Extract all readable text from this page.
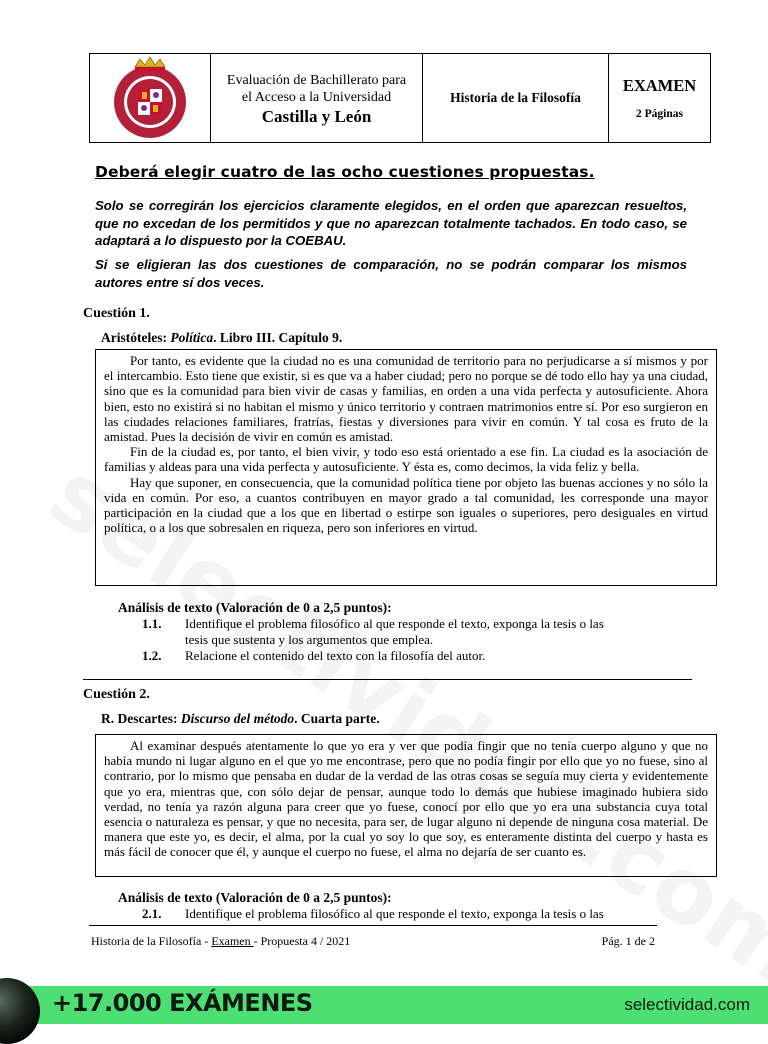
Evaluación de Bachillerato para
el Acceso a la Universidad
Castilla y León
Historia de la Filosofía
EXAMEN
2 Páginas
Deberá elegir cuatro de las ocho cuestiones propuestas.
Solo se corregirán los ejercicios claramente elegidos, en el orden que aparezcan resueltos, que no excedan de los permitidos y que no aparezcan totalmente tachados. En todo caso, se adaptará a lo dispuesto por la COEBAU.
Si se eligieran las dos cuestiones de comparación, no se podrán comparar los mismos autores entre sí dos veces.
Cuestión 1.
Aristóteles: Política. Libro III. Capítulo 9.

Por tanto, es evidente que la ciudad no es una comunidad de territorio para no perjudicarse a sí mismos y por el intercambio. Esto tiene que existir, si es que va a haber ciudad; pero no porque se dé todo ello hay ya una ciudad, sino que es la comunidad para bien vivir de casas y familias, en orden a una vida perfecta y autosuficiente. Ahora bien, esto no existirá si no habitan el mismo y único territorio y contraen matrimonios entre sí. Por eso surgieron en las ciudades relaciones familiares, fratrías, fiestas y diversiones para vivir en común. Y tal cosa es fruto de la amistad. Pues la decisión de vivir en común es amistad.

Fin de la ciudad es, por tanto, el bien vivir, y todo eso está orientado a ese fin. La ciudad es la asociación de familias y aldeas para una vida perfecta y autosuficiente. Y ésta es, como decimos, la vida feliz y bella.

Hay que suponer, en consecuencia, que la comunidad política tiene por objeto las buenas acciones y no sólo la vida en común. Por eso, a cuantos contribuyen en mayor grado a tal comunidad, les corresponde una mayor participación en la ciudad que a los que en libertad o estirpe son iguales o superiores, pero desiguales en virtud política, o a los que sobresalen en riqueza, pero son inferiores en virtud.

Análisis de texto (Valoración de 0 a 2,5 puntos):
1.1. Identifique el problema filosófico al que responde el texto, exponga la tesis o las
tesis que sustenta y los argumentos que emplea.
1.2. Relacione el contenido del texto con la filosofía del autor.
Cuestión 2.
R. Descartes: Discurso del método. Cuarta parte.

Al examinar después atentamente lo que yo era y ver que podía fingir que no tenía cuerpo alguno y que no había mundo ni lugar alguno en el que yo me encontrase, pero que no podía fingir por ello que yo no fuese, sino al contrario, por lo mismo que pensaba en dudar de la verdad de las otras cosas se seguía muy cierta y evidentemente que yo era, mientras que, con sólo dejar de pensar, aunque todo lo demás que hubiese imaginado hubiera sido verdad, no tenía ya razón alguna para creer que yo fuese, conocí por ello que yo era una substancia cuya total esencia o naturaleza es pensar, y que no necesita, para ser, de lugar alguno ni depende de ninguna cosa material. De manera que este yo, es decir, el alma, por la cual yo soy lo que soy, es enteramente distinta del cuerpo y hasta es más fácil de conocer que él, y aunque el cuerpo no fuese, el alma no dejaría de ser cuanto es.

Análisis de texto (Valoración de 0 a 2,5 puntos):
2.1. Identifique el problema filosófico al que responde el texto, exponga la tesis o las
Historia de la Filosofía - Examen - Propuesta 4 / 2021	Pág. 1 de 2
+17.000 EXÁMENES	selectividad.com
